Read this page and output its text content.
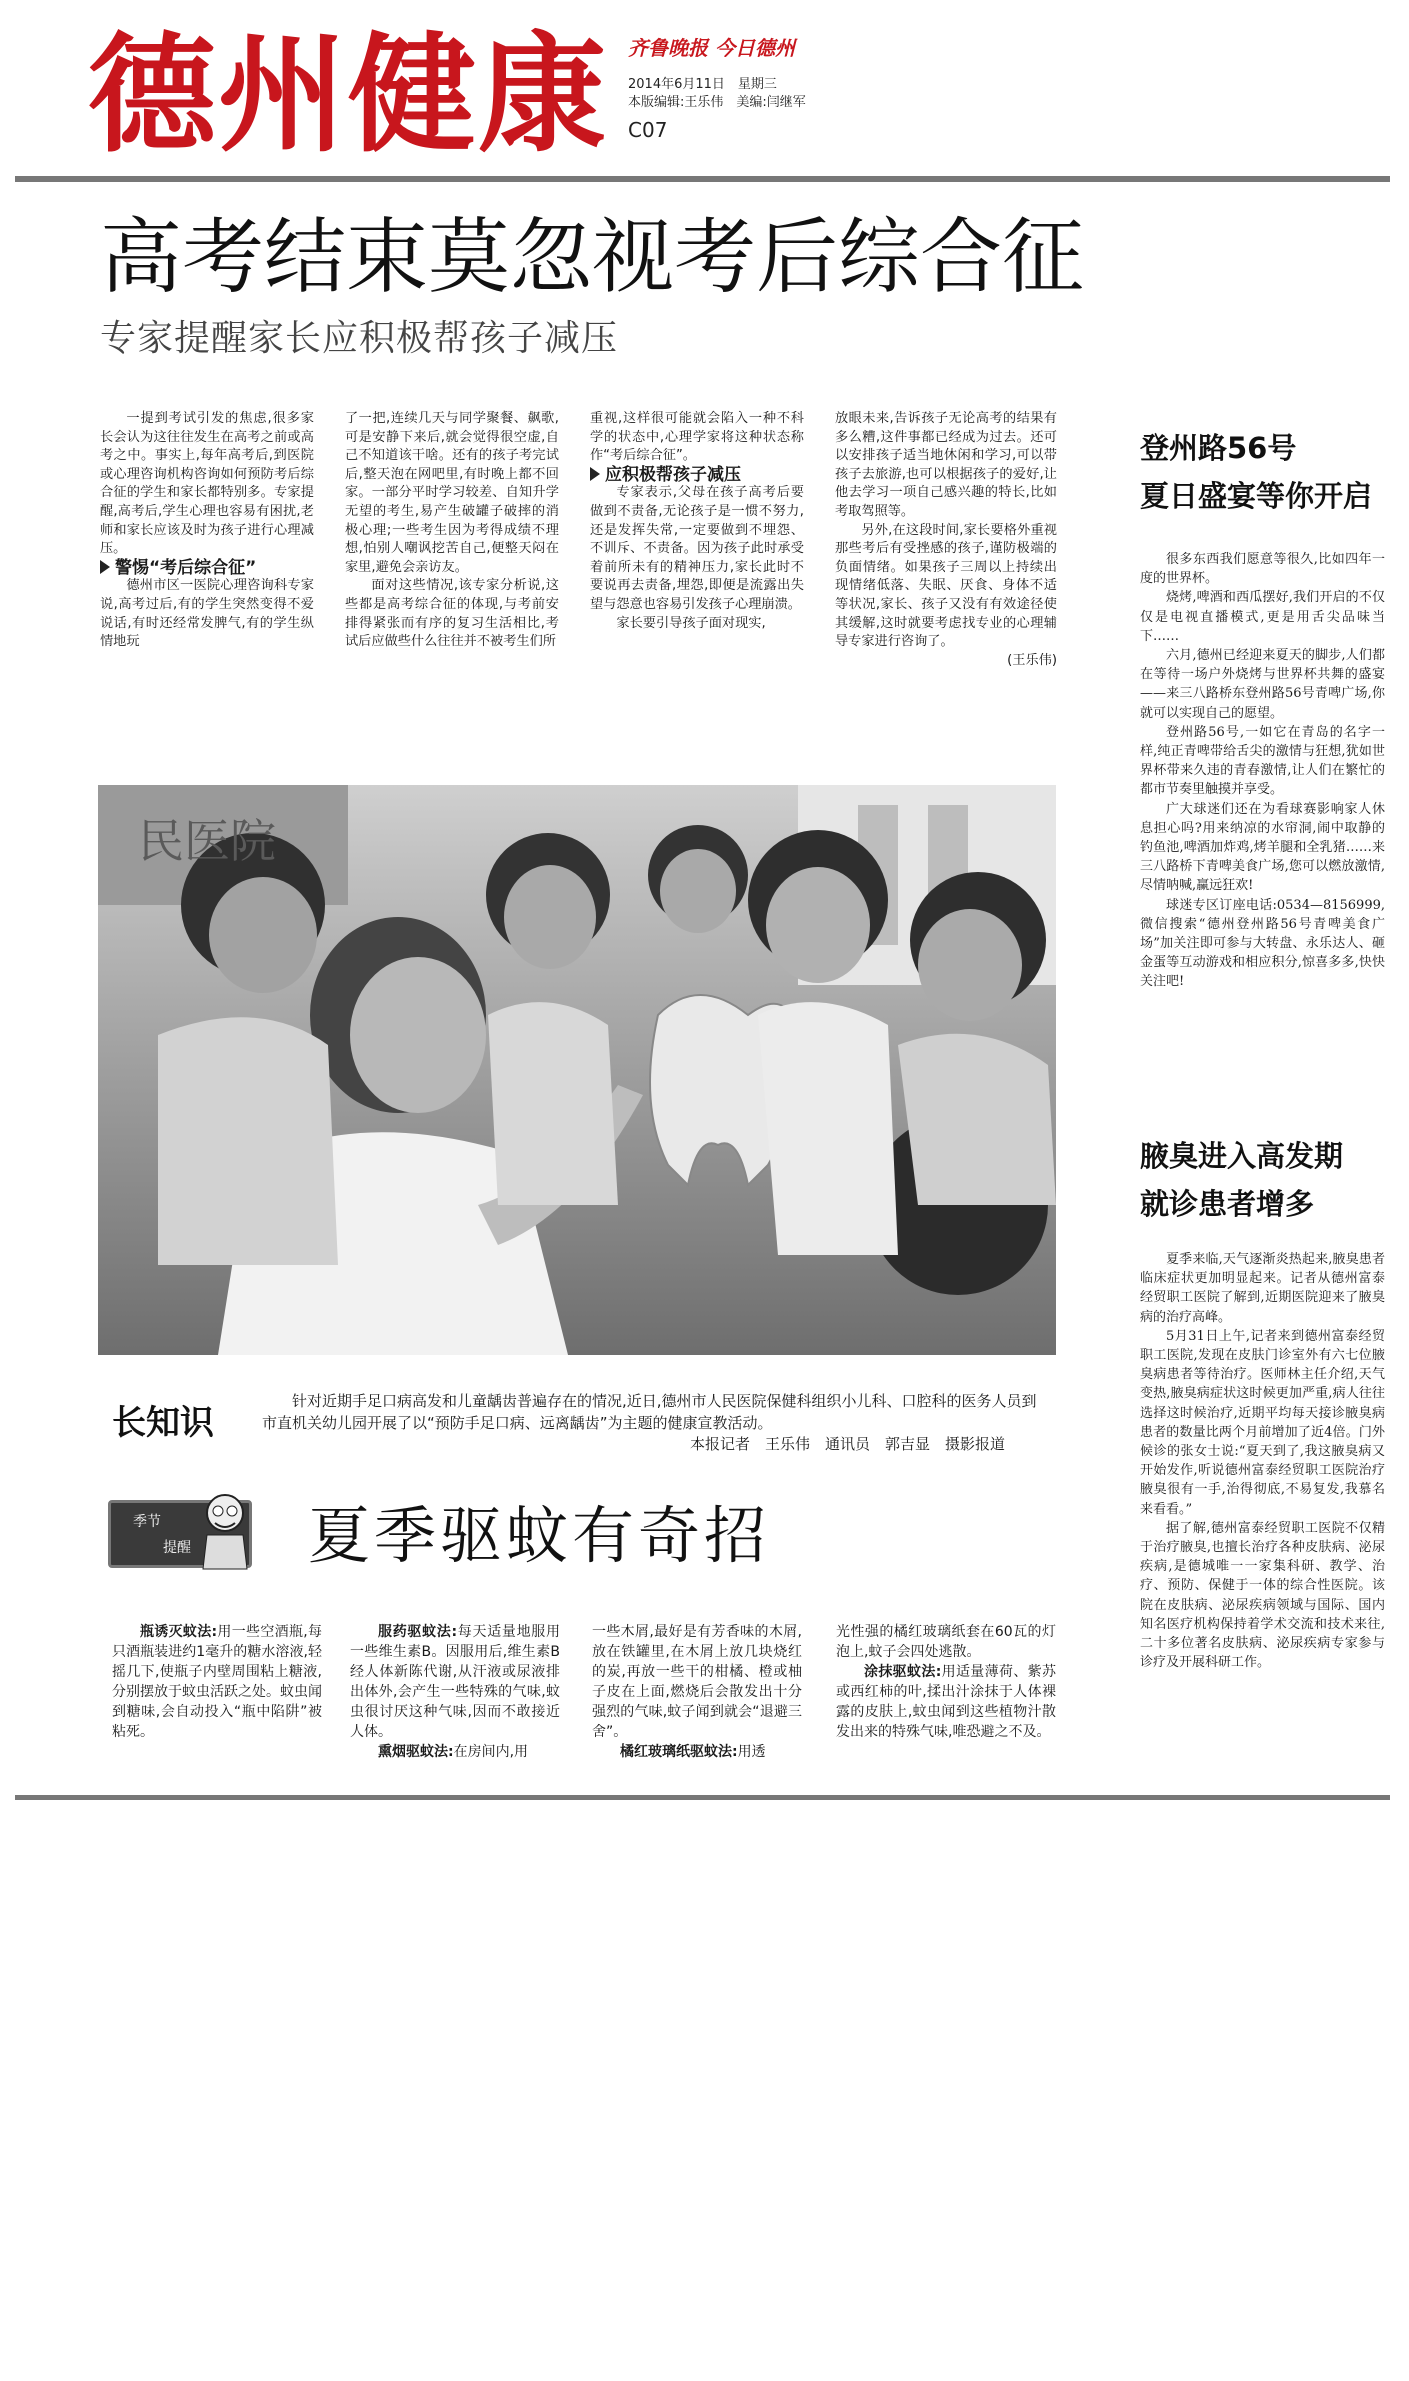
德州健康 齐鲁晚报 今日德州
2014年6月11日　星期三
本版编辑:王乐伟　美编:闫继军
C07
高考结束莫忽视考后综合征
专家提醒家长应积极帮孩子减压

一提到考试引发的焦虑,很多家长会认为这往往发生在高考之前或高考之中。事实上,每年高考后,到医院或心理咨询机构咨询如何预防考后综合征的学生和家长都特别多。专家提醒,高考后,学生心理也容易有困扰,老师和家长应该及时为孩子进行心理减压。

警惕“考后综合征”

德州市区一医院心理咨询科专家说,高考过后,有的学生突然变得不爱说话,有时还经常发脾气,有的学生纵情地玩

了一把,连续几天与同学聚餐、飙歌,可是安静下来后,就会觉得很空虚,自己不知道该干啥。还有的孩子考完试后,整天泡在网吧里,有时晚上都不回家。一部分平时学习较差、自知升学无望的考生,易产生破罐子破摔的消极心理;一些考生因为考得成绩不理想,怕别人嘲讽挖苦自己,便整天闷在家里,避免会亲访友。

面对这些情况,该专家分析说,这些都是高考综合征的体现,与考前安排得紧张而有序的复习生活相比,考试后应做些什么往往并不被考生们所

重视,这样很可能就会陷入一种不科学的状态中,心理学家将这种状态称作“考后综合征”。

应积极帮孩子减压

专家表示,父母在孩子高考后要做到不责备,无论孩子是一惯不努力,还是发挥失常,一定要做到不埋怨、不训斥、不责备。因为孩子此时承受着前所未有的精神压力,家长此时不要说再去责备,埋怨,即便是流露出失望与怨意也容易引发孩子心理崩溃。

家长要引导孩子面对现实,

放眼未来,告诉孩子无论高考的结果有多么糟,这件事都已经成为过去。还可以安排孩子适当地休闲和学习,可以带孩子去旅游,也可以根据孩子的爱好,让他去学习一项自己感兴趣的特长,比如考取驾照等。

另外,在这段时间,家长要格外重视那些考后有受挫感的孩子,谨防极端的负面情绪。如果孩子三周以上持续出现情绪低落、失眠、厌食、身体不适等状况,家长、孩子又没有有效途径使其缓解,这时就要考虑找专业的心理辅导专家进行咨询了。

(王乐伟)
民医院
长知识
针对近期手足口病高发和儿童龋齿普遍存在的情况,近日,德州市人民医院保健科组织小儿科、口腔科的医务人员到市直机关幼儿园开展了以“预防手足口病、远离龋齿”为主题的健康宣教活动。
本报记者　王乐伟　通讯员　郭吉显　摄影报道
登州路56号
夏日盛宴等你开启

很多东西我们愿意等很久,比如四年一度的世界杯。

烧烤,啤酒和西瓜摆好,我们开启的不仅仅是电视直播模式,更是用舌尖品味当下……

六月,德州已经迎来夏天的脚步,人们都在等待一场户外烧烤与世界杯共舞的盛宴——来三八路桥东登州路56号青啤广场,你就可以实现自己的愿望。

登州路56号,一如它在青岛的名字一样,纯正青啤带给舌尖的激情与狂想,犹如世界杯带来久违的青春激情,让人们在繁忙的都市节奏里触摸并享受。

广大球迷们还在为看球赛影响家人休息担心吗?用来纳凉的水帘洞,闹中取静的钓鱼池,啤酒加炸鸡,烤羊腿和全乳猪……来三八路桥下青啤美食广场,您可以燃放激情,尽情呐喊,赢远狂欢!

球迷专区订座电话:0534—8156999,微信搜索“德州登州路56号青啤美食广场”加关注即可参与大转盘、永乐达人、砸金蛋等互动游戏和相应积分,惊喜多多,快快关注吧!

腋臭进入高发期
就诊患者增多

夏季来临,天气逐渐炎热起来,腋臭患者临床症状更加明显起来。记者从德州富泰经贸职工医院了解到,近期医院迎来了腋臭病的治疗高峰。

5月31日上午,记者来到德州富泰经贸职工医院,发现在皮肤门诊室外有六七位腋臭病患者等待治疗。医师林主任介绍,天气变热,腋臭病症状这时候更加严重,病人往往选择这时候治疗,近期平均每天接诊腋臭病患者的数量比两个月前增加了近4倍。门外候诊的张女士说:“夏天到了,我这腋臭病又开始发作,听说德州富泰经贸职工医院治疗腋臭很有一手,治得彻底,不易复发,我慕名来看看。”

据了解,德州富泰经贸职工医院不仅精于治疗腋臭,也擅长治疗各种皮肤病、泌尿疾病,是德城唯一一家集科研、教学、治疗、预防、保健于一体的综合性医院。该院在皮肤病、泌尿疾病领域与国际、国内知名医疗机构保持着学术交流和技术来往,二十多位著名皮肤病、泌尿疾病专家参与诊疗及开展科研工作。

季节
提醒 夏季驱蚊有奇招

瓶诱灭蚊法:用一些空酒瓶,每只酒瓶装进约1毫升的糖水溶液,轻摇几下,使瓶子内壁周围粘上糖液,分别摆放于蚊虫活跃之处。蚊虫闻到糖味,会自动投入“瓶中陷阱”被粘死。

服药驱蚊法:每天适量地服用一些维生素B。因服用后,维生素B经人体新陈代谢,从汗液或尿液排出体外,会产生一些特殊的气味,蚊虫很讨厌这种气味,因而不敢接近人体。

熏烟驱蚊法:在房间内,用

一些木屑,最好是有芳香味的木屑,放在铁罐里,在木屑上放几块烧红的炭,再放一些干的柑橘、橙或柚子皮在上面,燃烧后会散发出十分强烈的气味,蚊子闻到就会“退避三舍”。

橘红玻璃纸驱蚊法:用透

光性强的橘红玻璃纸套在60瓦的灯泡上,蚊子会四处逃散。

涂抹驱蚊法:用适量薄荷、紫苏或西红柿的叶,揉出汁涂抹于人体裸露的皮肤上,蚊虫闻到这些植物汁散发出来的特殊气味,唯恐避之不及。
